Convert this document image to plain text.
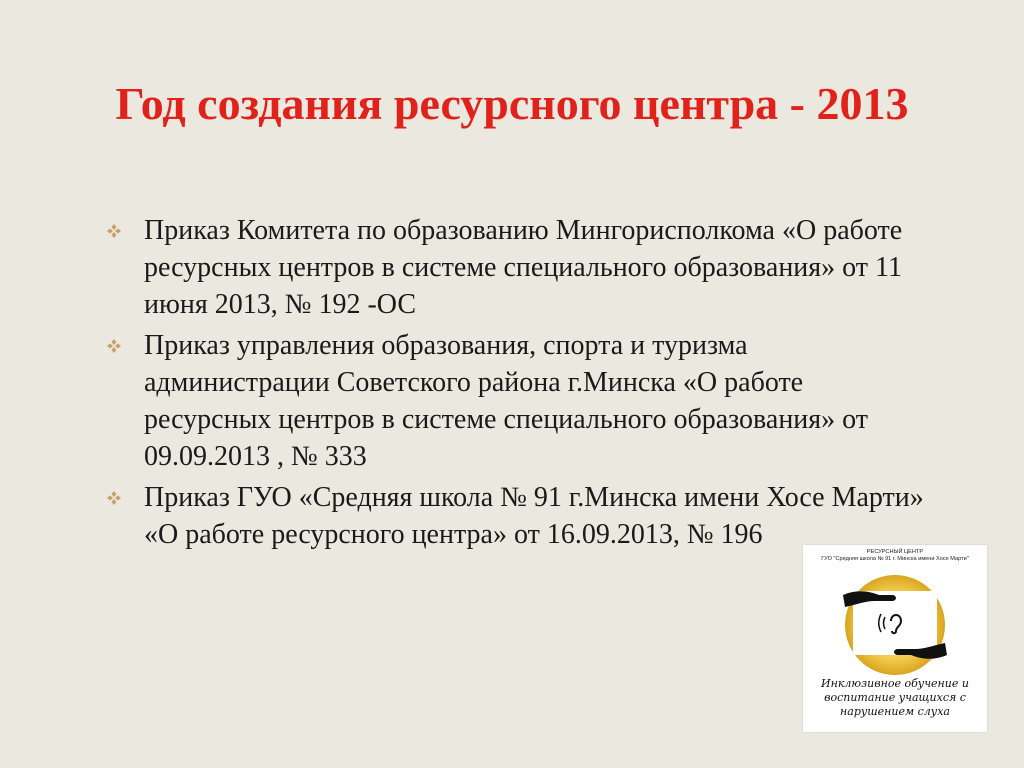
Год создания ресурсного центра - 2013
Приказ Комитета по образованию Мингорисполкома «О работе ресурсных центров в системе специального образования» от 11 июня 2013, № 192 -ОС
Приказ управления образования, спорта и туризма администрации Советского района г.Минска «О работе ресурсных центров в системе специального образования» от 09.09.2013 , № 333
Приказ ГУО «Средняя школа № 91 г.Минска имени Хосе Марти» «О работе ресурсного центра» от 16.09.2013, № 196
РЕСУРСНЫЙ ЦЕНТР
ГУО "Средняя школа № 91 г. Минска имени Хосе Марти"
Инклюзивное обучение и воспитание учащихся с нарушением слуха
